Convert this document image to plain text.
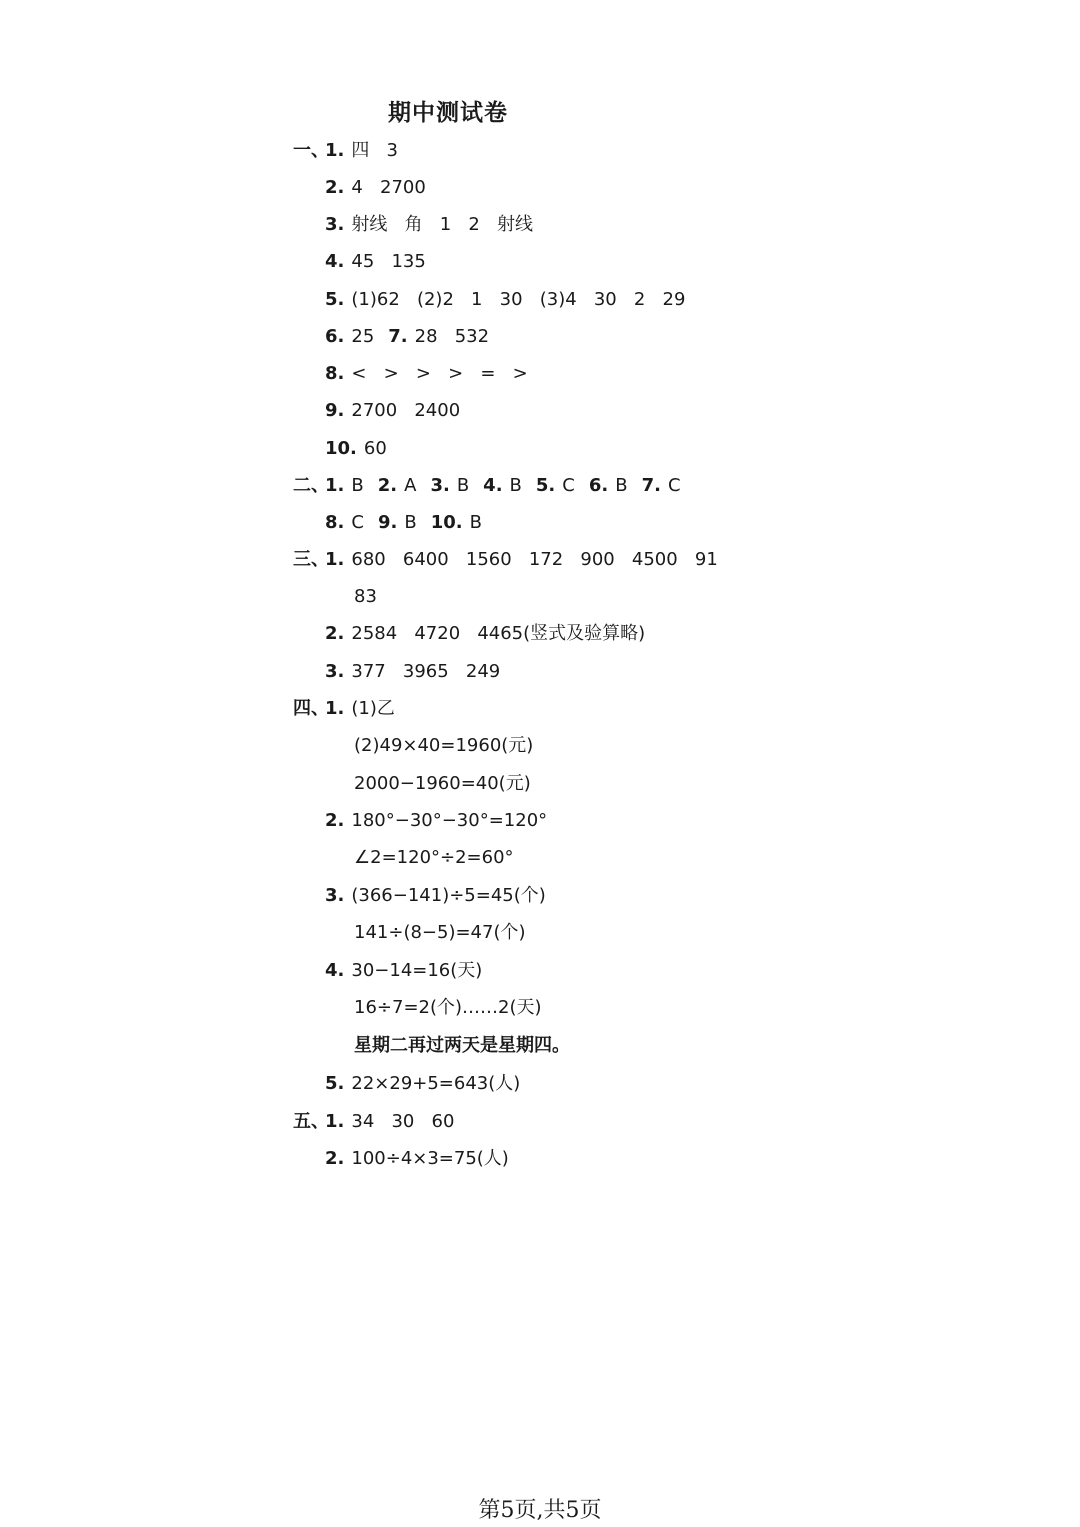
期中测试卷
一、
1. 四   3
2. 4   2700
3. 射线   角   1   2   射线
4. 45   135
5. (1)62   (2)2   1   30   (3)4   30   2   29
6. 25 7. 28   532
8. <   >   >   >   =   >
9. 2700   2400
10. 60
二、
1. B 2. A 3. B 4. B 5. C 6. B 7. C
8. C 9. B 10. B
三、
1. 680   6400   1560   172   900   4500   91
83
2. 2584   4720   4465(竖式及验算略)
3. 377   3965   249
四、
1. (1)乙
(2)49×40=1960(元)
2000−1960=40(元)
2. 180°−30°−30°=120°
∠2=120°÷2=60°
3. (366−141)÷5=45(个)
141÷(8−5)=47(个)
4. 30−14=16(天)
16÷7=2(个)……2(天)
星期二再过两天是星期四。
5. 22×29+5=643(人)
五、
1. 34   30   60
2. 100÷4×3=75(人)
第5页,共5页
